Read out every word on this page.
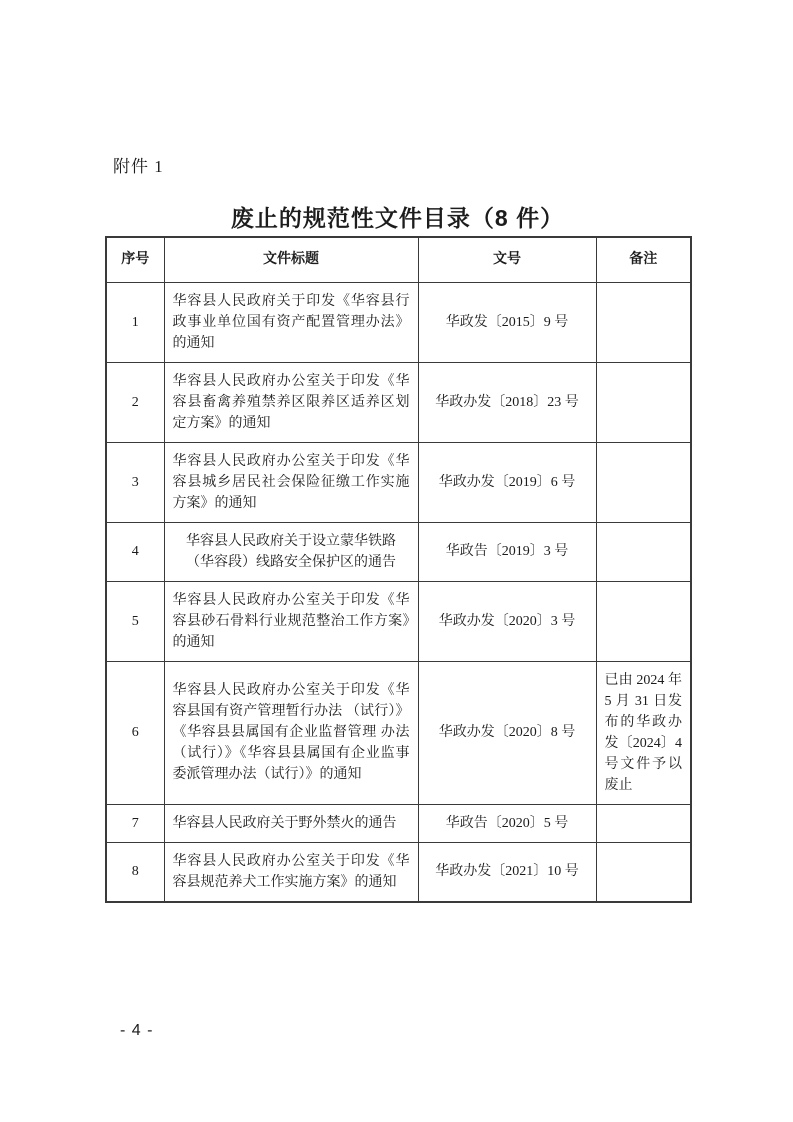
附件 1
废止的规范性文件目录（8 件）
序号	文件标题	文号	备注
1	华容县人民政府关于印发《华容县行政事业单位国有资产配置管理办法》的通知	华政发〔2015〕9 号	
2	华容县人民政府办公室关于印发《华容县畜禽养殖禁养区限养区适养区划定方案》的通知	华政办发〔2018〕23 号	
3	华容县人民政府办公室关于印发《华容县城乡居民社会保险征缴工作实施方案》的通知	华政办发〔2019〕6 号	
4	华容县人民政府关于设立蒙华铁路（华容段）线路安全保护区的通告	华政告〔2019〕3 号	
5	华容县人民政府办公室关于印发《华容县砂石骨料行业规范整治工作方案》的通知	华政办发〔2020〕3 号	
6	华容县人民政府办公室关于印发《华容县国有资产管理暂行办法 （试行）》《华容县县属国有企业监督管理 办法（试行）》《华容县县属国有企业监事委派管理办法（试行）》的通知	华政办发〔2020〕8 号	已由 2024 年 5 月 31 日发布的华政办发〔2024〕4 号文件予以废止
7	华容县人民政府关于野外禁火的通告	华政告〔2020〕5 号	
8	华容县人民政府办公室关于印发《华容县规范养犬工作实施方案》的通知	华政办发〔2021〕10 号	
- 4 -
